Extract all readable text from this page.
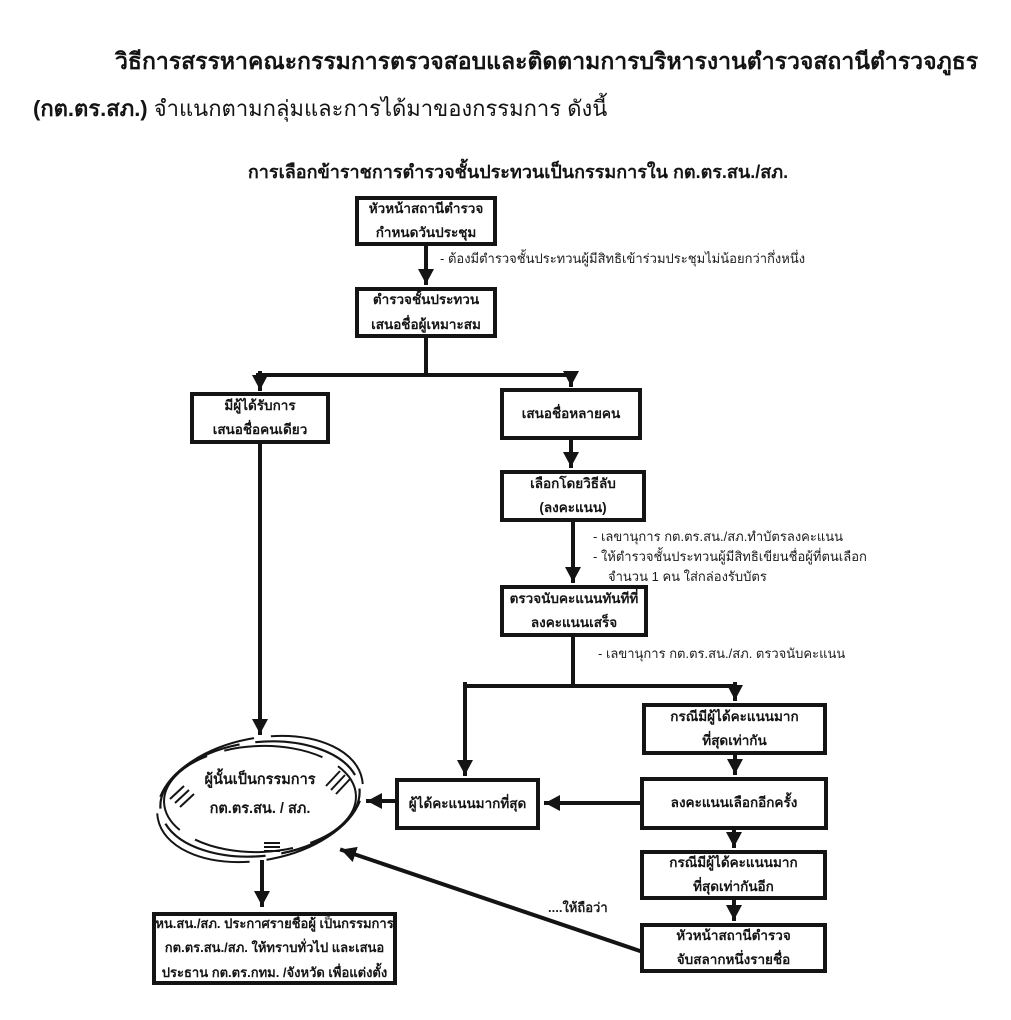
วิธีการสรรหาคณะกรรมการตรวจสอบและติดตามการบริหารงานตำรวจสถานีตำรวจภูธร
(กต.ตร.สภ.) จำแนกตามกลุ่มและการได้มาของกรรมการ ดังนี้
การเลือกข้าราชการตำรวจชั้นประทวนเป็นกรรมการใน กต.ตร.สน./สภ.
หัวหน้าสถานีตำรวจ
กำหนดวันประชุม
ตำรวจชั้นประทวน
เสนอชื่อผู้เหมาะสม
มีผู้ได้รับการ
เสนอชื่อคนเดียว
เสนอชื่อหลายคน
เลือกโดยวิธีลับ
(ลงคะแนน)
ตรวจนับคะแนนทันทีที่
ลงคะแนนเสร็จ
ผู้ได้คะแนนมากที่สุด
กรณีมีผู้ได้คะแนนมาก
ที่สุดเท่ากัน
ลงคะแนนเลือกอีกครั้ง
กรณีมีผู้ได้คะแนนมาก
ที่สุดเท่ากันอีก
หัวหน้าสถานีตำรวจ
จับสลากหนึ่งรายชื่อ
หน.สน./สภ. ประกาศรายชื่อผู้ เป็นกรรมการ
กต.ตร.สน./สภ. ให้ทราบทั่วไป และเสนอ
ประธาน กต.ตร.กทม. /จังหวัด เพื่อแต่งตั้ง
ผู้นั้นเป็นกรรมการ
กต.ตร.สน. / สภ.
- ต้องมีตำรวจชั้นประทวนผู้มีสิทธิเข้าร่วมประชุมไม่น้อยกว่ากึ่งหนึ่ง
- เลขานุการ กต.ตร.สน./สภ.ทำบัตรลงคะแนน
- ให้ตำรวจชั้นประทวนผู้มีสิทธิเขียนชื่อผู้ที่ตนเลือก
จำนวน 1 คน ใส่กล่องรับบัตร
- เลขานุการ กต.ตร.สน./สภ. ตรวจนับคะแนน
....ให้ถือว่า
